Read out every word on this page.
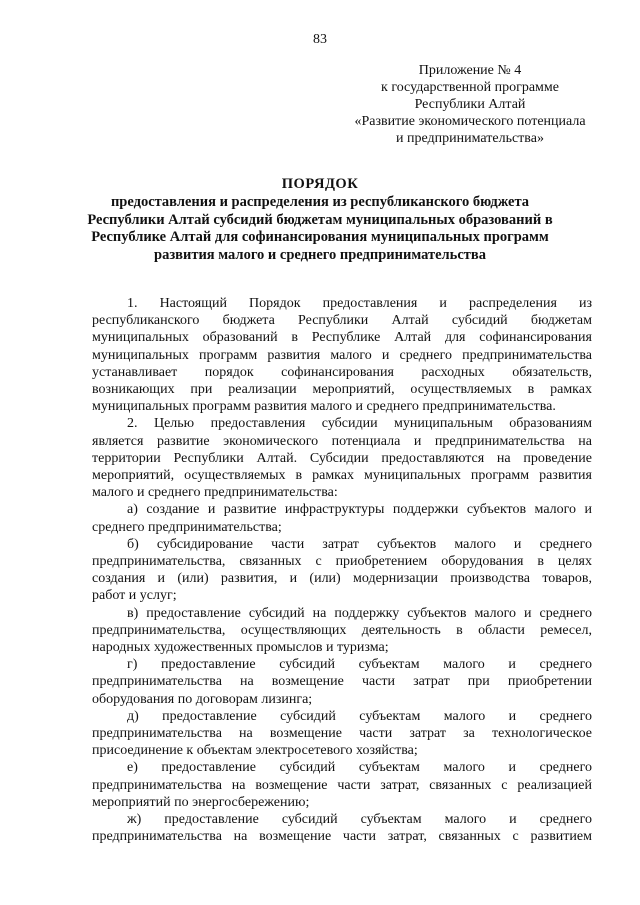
83
Приложение № 4
к государственной программе
Республики Алтай
«Развитие экономического потенциала
и предпринимательства»
ПОРЯДОК
предоставления и распределения из республиканского бюджета
Республики Алтай субсидий бюджетам муниципальных образований в
Республике Алтай для софинансирования муниципальных программ
развития малого и среднего предпринимательства
1. Настоящий Порядок предоставления и распределения из
республиканского бюджета Республики Алтай субсидий бюджетам
муниципальных образований в Республике Алтай для софинансирования
муниципальных программ развития малого и среднего предпринимательства
устанавливает порядок софинансирования расходных обязательств,
возникающих при реализации мероприятий, осуществляемых в рамках
муниципальных программ развития малого и среднего предпринимательства.
2. Целью предоставления субсидии муниципальным образованиям
является развитие экономического потенциала и предпринимательства на
территории Республики Алтай. Субсидии предоставляются на проведение
мероприятий, осуществляемых в рамках муниципальных программ развития
малого и среднего предпринимательства:
а) создание и развитие инфраструктуры поддержки субъектов малого и
среднего предпринимательства;
б) субсидирование части затрат субъектов малого и среднего
предпринимательства, связанных с приобретением оборудования в целях
создания и (или) развития, и (или) модернизации производства товаров,
работ и услуг;
в) предоставление субсидий на поддержку субъектов малого и среднего
предпринимательства, осуществляющих деятельность в области ремесел,
народных художественных промыслов и туризма;
г) предоставление субсидий субъектам малого и среднего
предпринимательства на возмещение части затрат при приобретении
оборудования по договорам лизинга;
д) предоставление субсидий субъектам малого и среднего
предпринимательства на возмещение части затрат за технологическое
присоединение к объектам электросетевого хозяйства;
е) предоставление субсидий субъектам малого и среднего
предпринимательства на возмещение части затрат, связанных с реализацией
мероприятий по энергосбережению;
ж) предоставление субсидий субъектам малого и среднего
предпринимательства на возмещение части затрат, связанных с развитием
